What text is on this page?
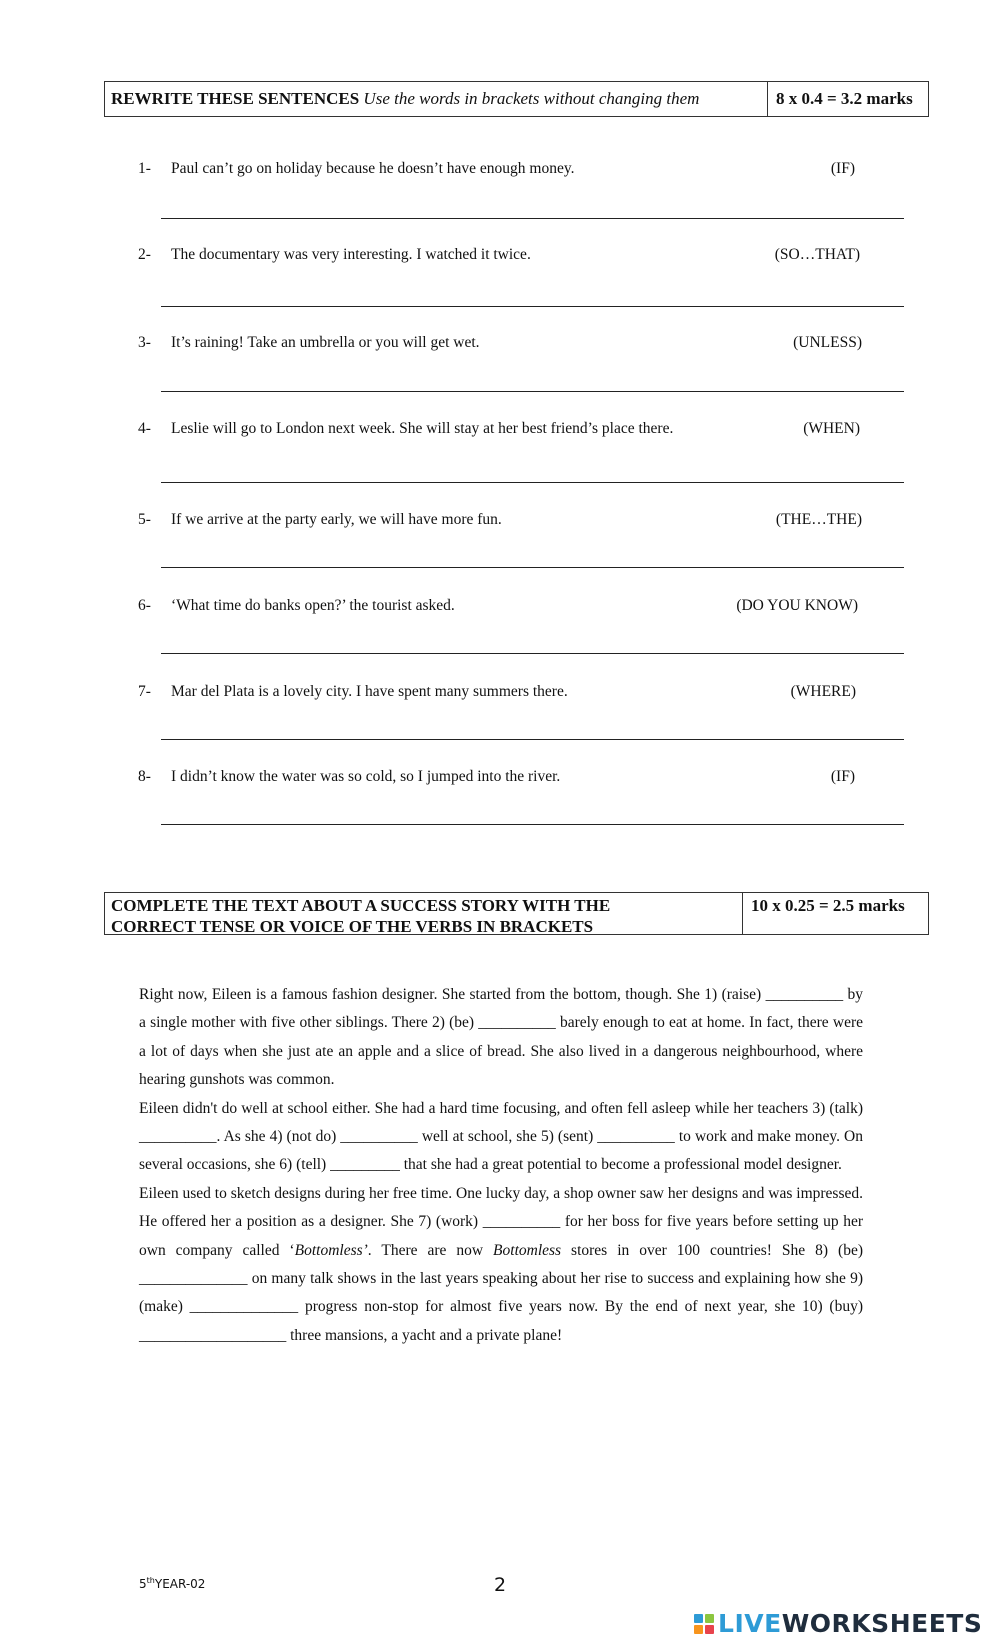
REWRITE THESE SENTENCES
Use the words in brackets without changing them	8 x 0.4 = 3.2 marks
1- Paul can’t go on holiday because he doesn’t have enough money.	(IF)
2- The documentary was very interesting. I watched it twice.	(SO…THAT)
3- It’s raining! Take an umbrella or you will get wet.	(UNLESS)
4- Leslie will go to London next week. She will stay at her best friend’s place there.	(WHEN)
5- If we arrive at the party early, we will have more fun.	(THE…THE)
6- ‘What time do banks open?’ the tourist asked.	(DO YOU KNOW)
7- Mar del Plata is a lovely city. I have spent many summers there.	(WHERE)
8- I didn’t know the water was so cold, so I jumped into the river.	(IF)
COMPLETE THE TEXT ABOUT A SUCCESS STORY WITH THE
CORRECT TENSE OR VOICE OF THE VERBS IN BRACKETS
10 x 0.25 = 2.5 marks

Right now, Eileen is a famous fashion designer. She started from the bottom, though. She 1) (raise) __________ by a single mother with five other siblings. There 2) (be) __________ barely enough to eat at home. In fact, there were a lot of days when she just ate an apple and a slice of bread. She also lived in a dangerous neighbourhood, where hearing gunshots was common.

Eileen didn't do well at school either. She had a hard time focusing, and often fell asleep while her teachers 3) (talk) __________. As she 4) (not do) __________ well at school, she 5) (sent) __________ to work and make money. On several occasions, she 6) (tell) _________ that she had a great potential to become a professional model designer.

Eileen used to sketch designs during her free time. One lucky day, a shop owner saw her designs and was impressed. He offered her a position as a designer. She 7) (work) __________ for her boss for five years before setting up her own company called ‘Bottomless’. There are now Bottomless stores in over 100 countries! She 8) (be) ______________ on many talk shows in the last years speaking about her rise to success and explaining how she 9) (make) ______________ progress non-stop for almost five years now. By the end of next year, she 10) (buy) ___________________ three mansions, a yacht and a private plane!

5thYEAR-02	2
LIVEWORKSHEETS
